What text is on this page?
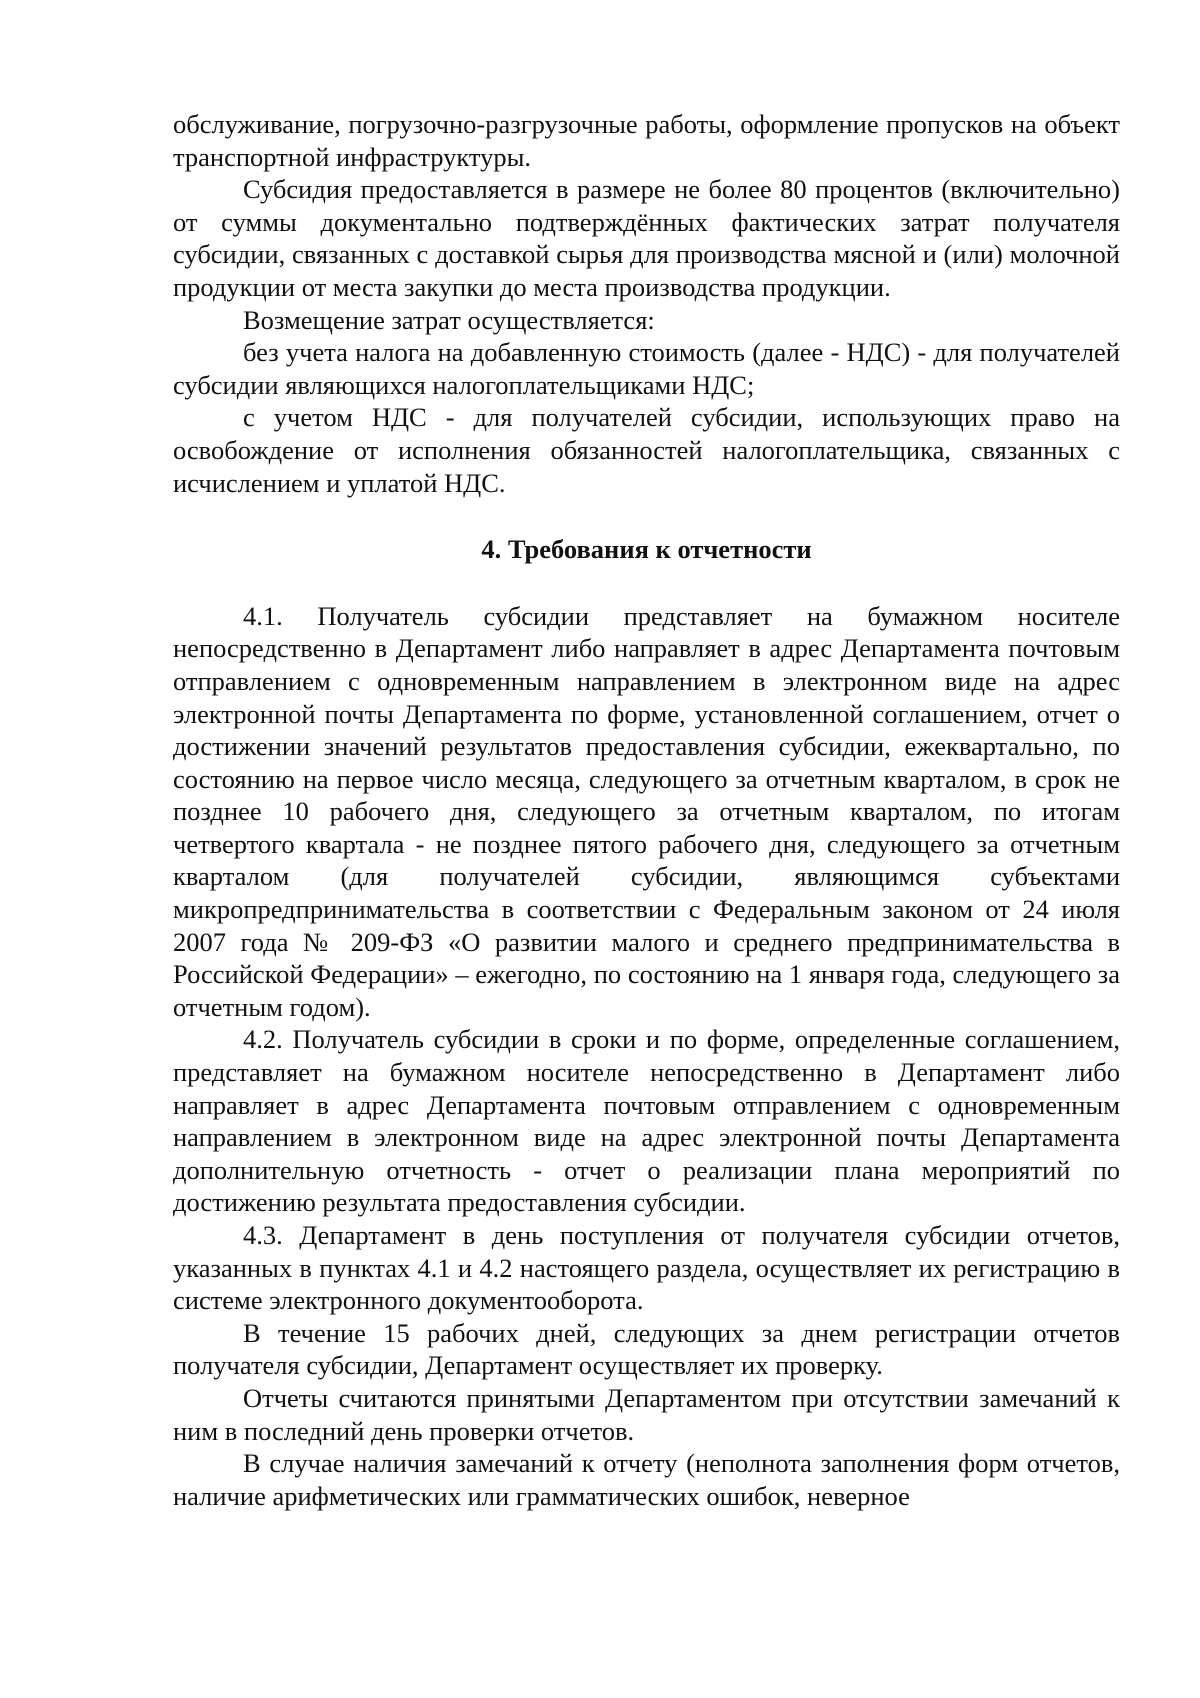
обслуживание, погрузочно-разгрузочные работы, оформление пропусков на объект транспортной инфраструктуры.

Субсидия предоставляется в размере не более 80 процентов (включительно) от суммы документально подтверждённых фактических затрат получателя субсидии, связанных с доставкой сырья для производства мясной и (или) молочной продукции от места закупки до места производства продукции.

Возмещение затрат осуществляется:

без учета налога на добавленную стоимость (далее - НДС) - для получателей субсидии являющихся налогоплательщиками НДС;

с учетом НДС - для получателей субсидии, использующих право на освобождение от исполнения обязанностей налогоплательщика, связанных с исчислением и уплатой НДС.

4. Требования к отчетности

4.1. Получатель субсидии представляет на бумажном носителе непосредственно в Департамент либо направляет в адрес Департамента почтовым отправлением с одновременным направлением в электронном виде на адрес электронной почты Департамента по форме, установленной соглашением, отчет о достижении значений результатов предоставления субсидии, ежеквартально, по состоянию на первое число месяца, следующего за отчетным кварталом, в срок не позднее 10 рабочего дня, следующего за отчетным кварталом, по итогам четвертого квартала - не позднее пятого рабочего дня, следующего за отчетным кварталом (для получателей субсидии, являющимся субъектами микропредпринимательства в соответствии с Федеральным законом от 24 июля 2007 года № 209-ФЗ «О развитии малого и среднего предпринимательства в Российской Федерации» – ежегодно, по состоянию на 1 января года, следующего за отчетным годом).

4.2. Получатель субсидии в сроки и по форме, определенные соглашением, представляет на бумажном носителе непосредственно в Департамент либо направляет в адрес Департамента почтовым отправлением с одновременным направлением в электронном виде на адрес электронной почты Департамента дополнительную отчетность - отчет о реализации плана мероприятий по достижению результата предоставления субсидии.

4.3. Департамент в день поступления от получателя субсидии отчетов, указанных в пунктах 4.1 и 4.2 настоящего раздела, осуществляет их регистрацию в системе электронного документооборота.

В течение 15 рабочих дней, следующих за днем регистрации отчетов получателя субсидии, Департамент осуществляет их проверку.

Отчеты считаются принятыми Департаментом при отсутствии замечаний к ним в последний день проверки отчетов.

В случае наличия замечаний к отчету (неполнота заполнения форм отчетов, наличие арифметических или грамматических ошибок, неверное
